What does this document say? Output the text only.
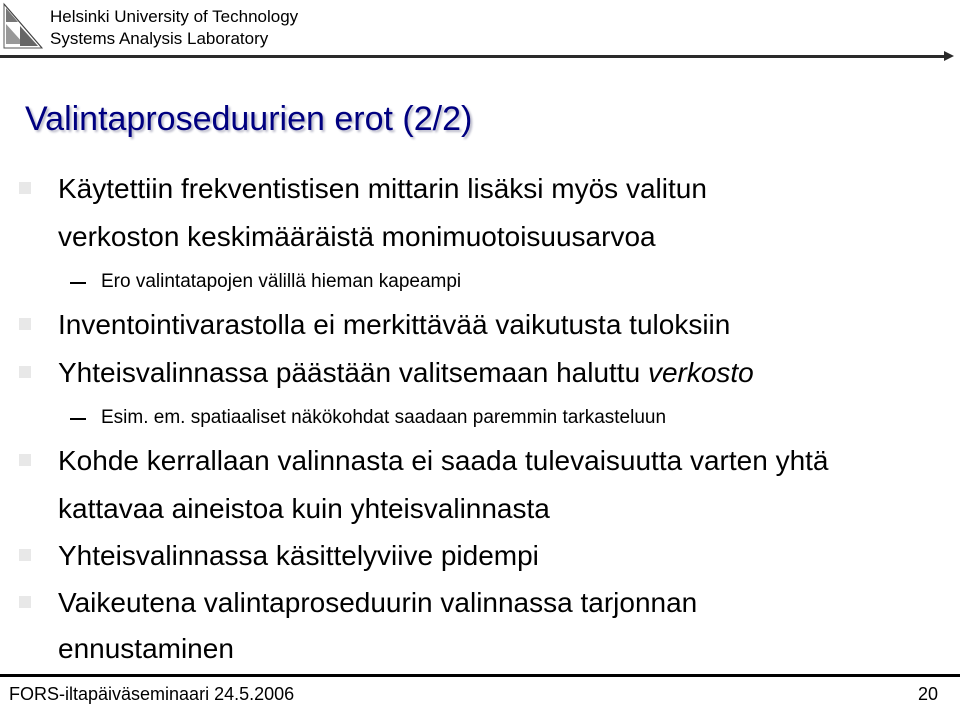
Helsinki University of Technology
Systems Analysis Laboratory
Valintaproseduurien erot (2/2)
Käytettiin frekventistisen mittarin lisäksi myös valitun
verkoston keskimääräistä monimuotoisuusarvoa
Ero valintatapojen välillä hieman kapeampi
Inventointivarastolla ei merkittävää vaikutusta tuloksiin
Yhteisvalinnassa päästään valitsemaan haluttu verkosto
Esim. em. spatiaaliset näkökohdat saadaan paremmin tarkasteluun
Kohde kerrallaan valinnasta ei saada tulevaisuutta varten yhtä
kattavaa aineistoa kuin yhteisvalinnasta
Yhteisvalinnassa käsittelyviive pidempi
Vaikeutena valintaproseduurin valinnassa tarjonnan
ennustaminen
FORS-iltapäiväseminaari 24.5.2006	20
